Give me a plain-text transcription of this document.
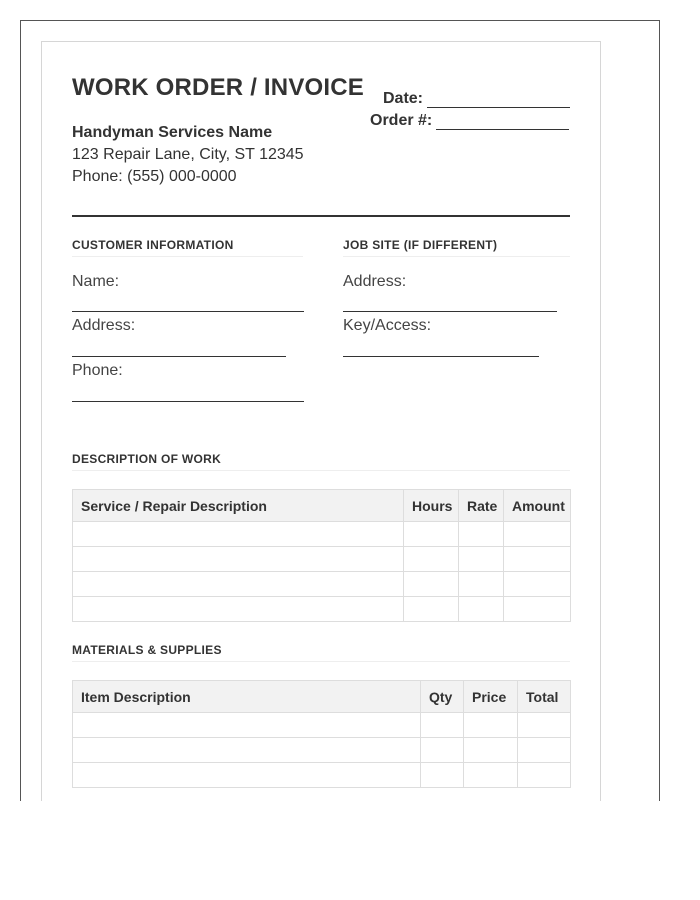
WORK ORDER / INVOICE Date:
Order #:
Handyman Services Name
123 Repair Lane, City, ST 12345
Phone: (555) 000-0000
CUSTOMER INFORMATION	JOB SITE (IF DIFFERENT)
Name:
Address:
Phone:
Address:
Key/Access:
DESCRIPTION OF WORK
Service / Repair Description	Hours	Rate	Amount

MATERIALS & SUPPLIES
Item Description	Qty	Price	Total
